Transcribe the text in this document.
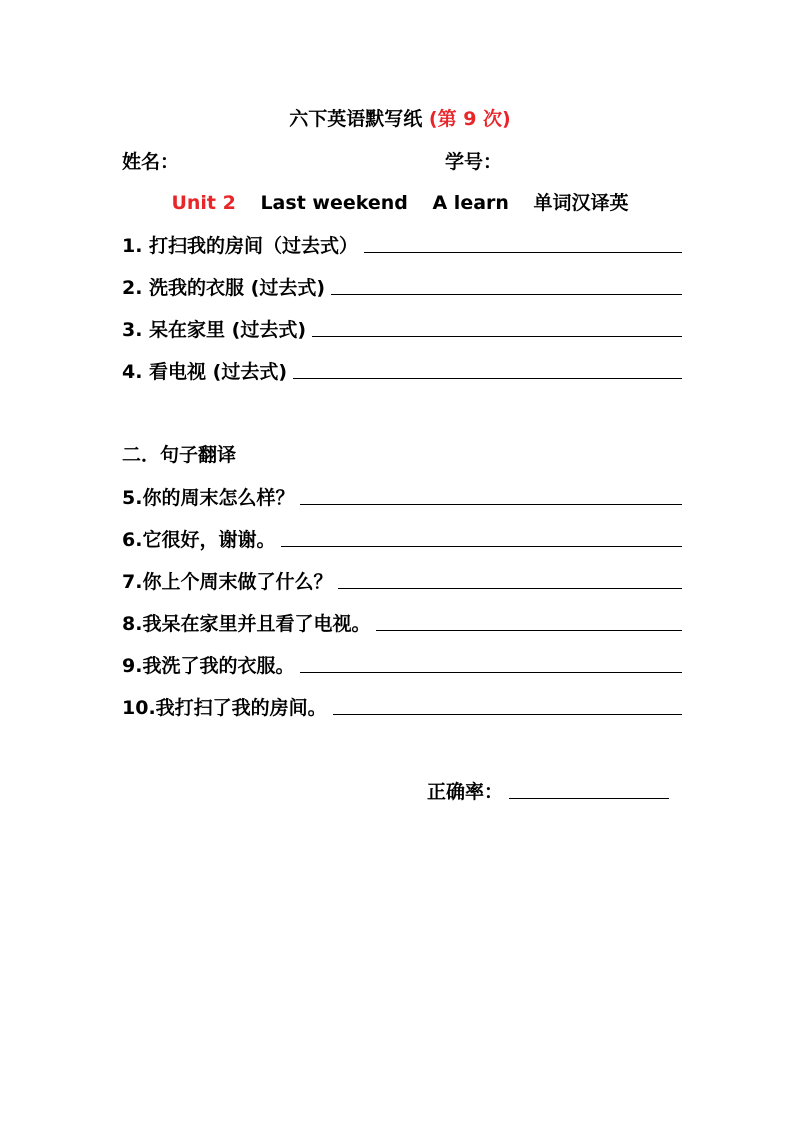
六下英语默写纸 (第 9 次)
姓名：	学号：
Unit 2 Last weekend A learn 单词汉译英
1. 打扫我的房间（过去式）
2. 洗我的衣服 (过去式)
3. 呆在家里 (过去式)
4. 看电视 (过去式)
二．句子翻译
5.你的周末怎么样？
6.它很好，谢谢。
7.你上个周末做了什么？
8.我呆在家里并且看了电视。
9.我洗了我的衣服。
10.我打扫了我的房间。
正确率：
